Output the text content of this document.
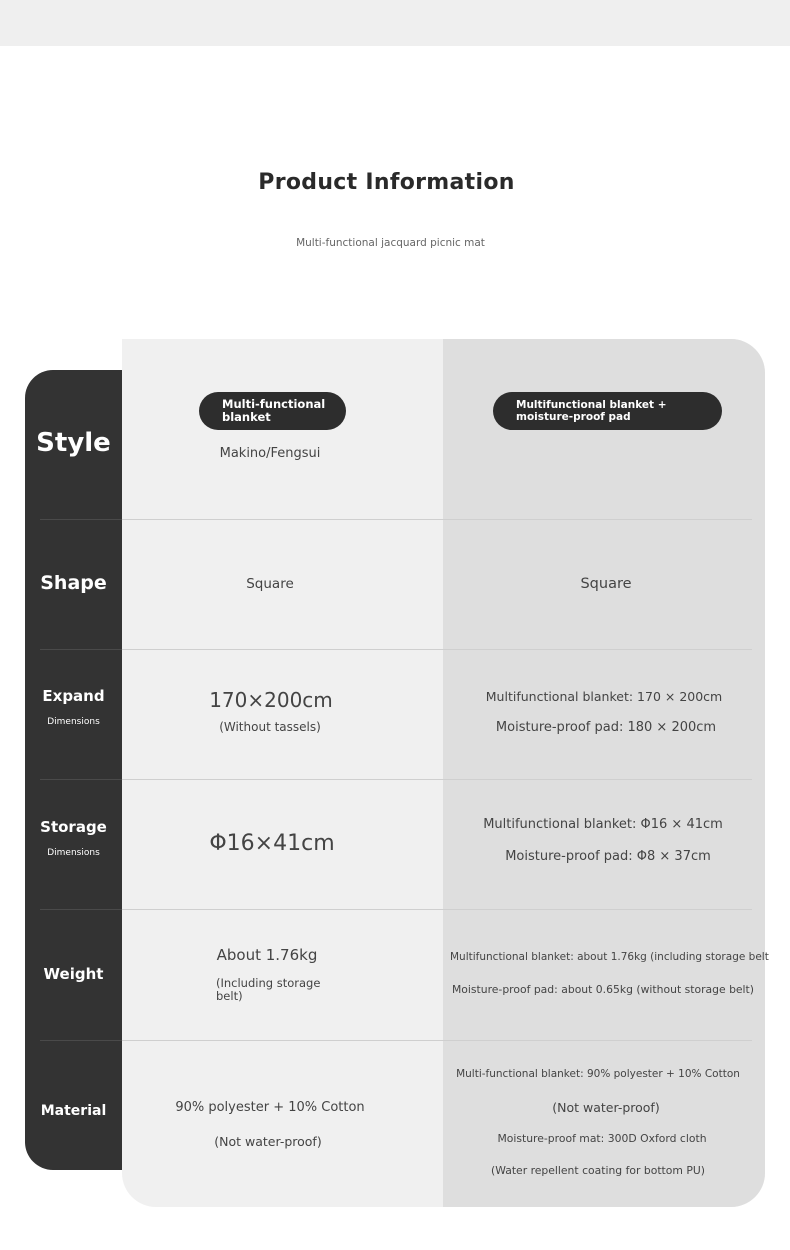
Product Information

Multi-functional jacquard picnic mat

Style
Shape
Expand
Dimensions
Storage
Dimensions
Weight
Material
Multi-functional blanket
Multifunctional blanket + moisture-proof pad
Makino/Fengsui
Square	Square
170×200cm
(Without tassels)
Multifunctional blanket: 170 × 200cm
Moisture-proof pad: 180 × 200cm
Φ16×41cm
Multifunctional blanket: Φ16 × 41cm
Moisture-proof pad: Φ8 × 37cm
About 1.76kg
(Including storage belt)
Multifunctional blanket: about 1.76kg (including storage belt
Moisture-proof pad: about 0.65kg (without storage belt)
90% polyester + 10% Cotton
(Not water-proof)
Multi-functional blanket: 90% polyester + 10% Cotton
(Not water-proof)
Moisture-proof mat: 300D Oxford cloth
(Water repellent coating for bottom PU)
